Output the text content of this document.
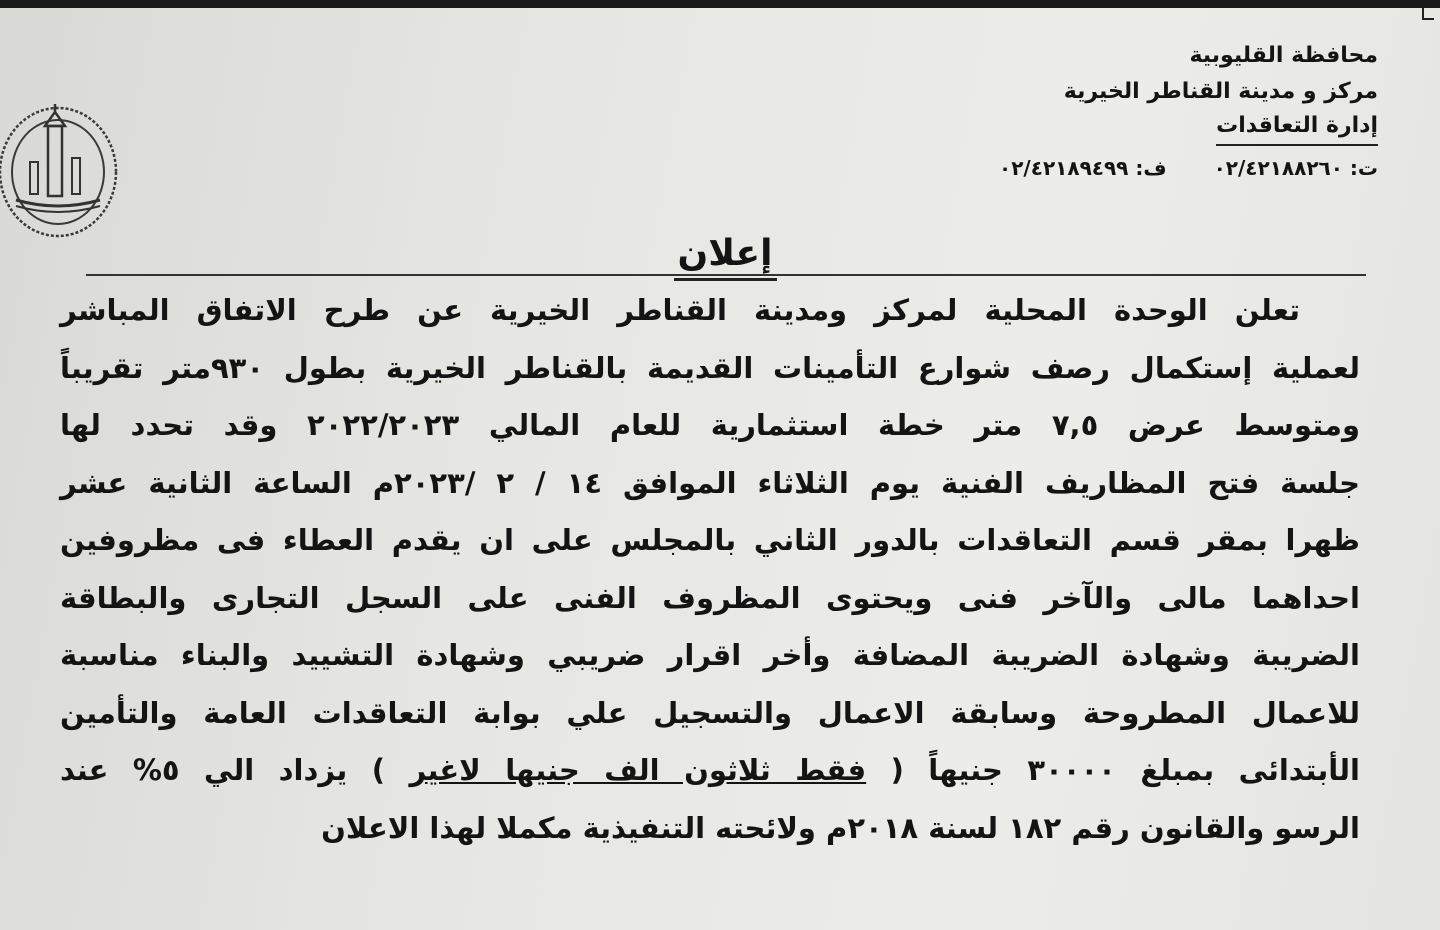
محافظة القليوبية
مركز و مدينة القناطر الخيرية
إدارة التعاقدات
ت: ٠٢/٤٢١٨٨٢٦٠ ف: ٠٢/٤٢١٨٩٤٩٩
إعلان
تعلن الوحدة المحلية لمركز ومدينة القناطر الخيرية عن طرح الاتفاق المباشر
لعملية إستكمال رصف شوارع التأمينات القديمة بالقناطر الخيرية بطول ٩٣٠متر تقريباً
ومتوسط عرض ٧,٥ متر خطة استثمارية للعام المالي ٢٠٢٢/٢٠٢٣ وقد تحدد لها
جلسة فتح المظاريف الفنية يوم الثلاثاء الموافق ١٤ / ٢ /٢٠٢٣م الساعة الثانية عشر
ظهرا بمقر قسم التعاقدات بالدور الثاني بالمجلس على ان يقدم العطاء فى مظروفين
احداهما مالى والآخر فنى ويحتوى المظروف الفنى على السجل التجارى والبطاقة
الضريبة وشهادة الضريبة المضافة وأخر اقرار ضريبي وشهادة التشييد والبناء مناسبة
للاعمال المطروحة وسابقة الاعمال والتسجيل علي بوابة التعاقدات العامة والتأمين
الأبتدائى بمبلغ ٣٠٠٠٠ جنيهاً ( فقط ثلاثون الف جنيها لاغير ) يزداد الي ٥% عند
الرسو والقانون رقم ١٨٢ لسنة ٢٠١٨م ولائحته التنفيذية مكملا لهذا الاعلان
